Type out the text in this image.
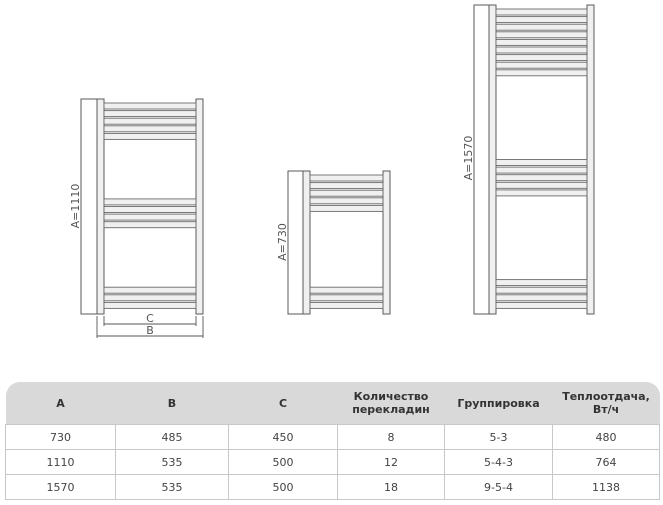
A=1110
C
B
A=730
A=1570
A	B	C	Количество перекладин	Группировка	Теплоотдача, Вт/ч
730	485	450	8	5-3	480
1110	535	500	12	5-4-3	764
1570	535	500	18	9-5-4	1138
